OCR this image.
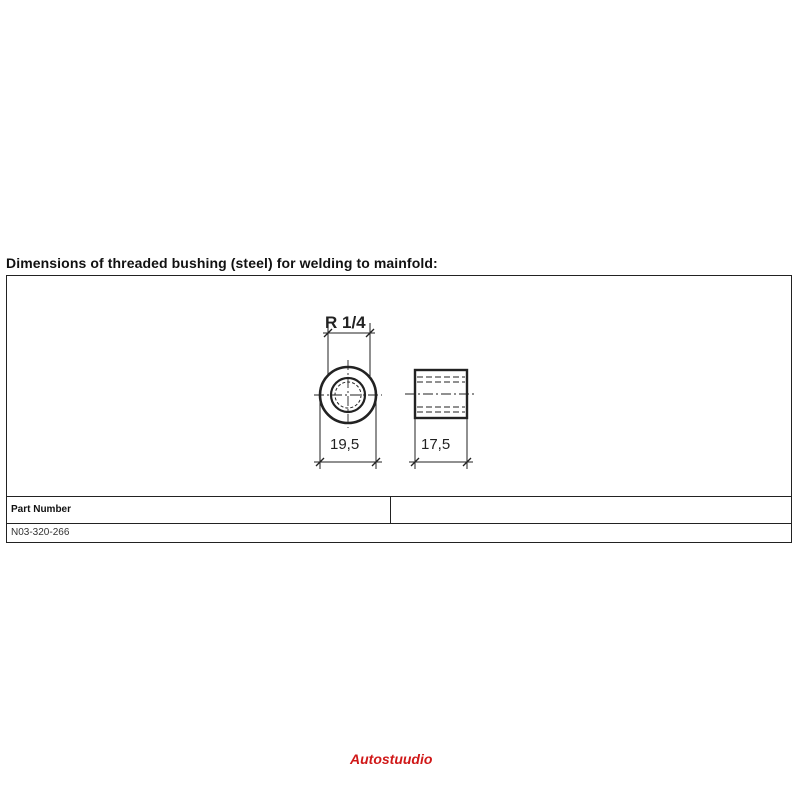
Dimensions of threaded bushing (steel) for welding to mainfold:
R 1/4
19,5	17,5
Part Number
N03-320-266
Autostuudio
